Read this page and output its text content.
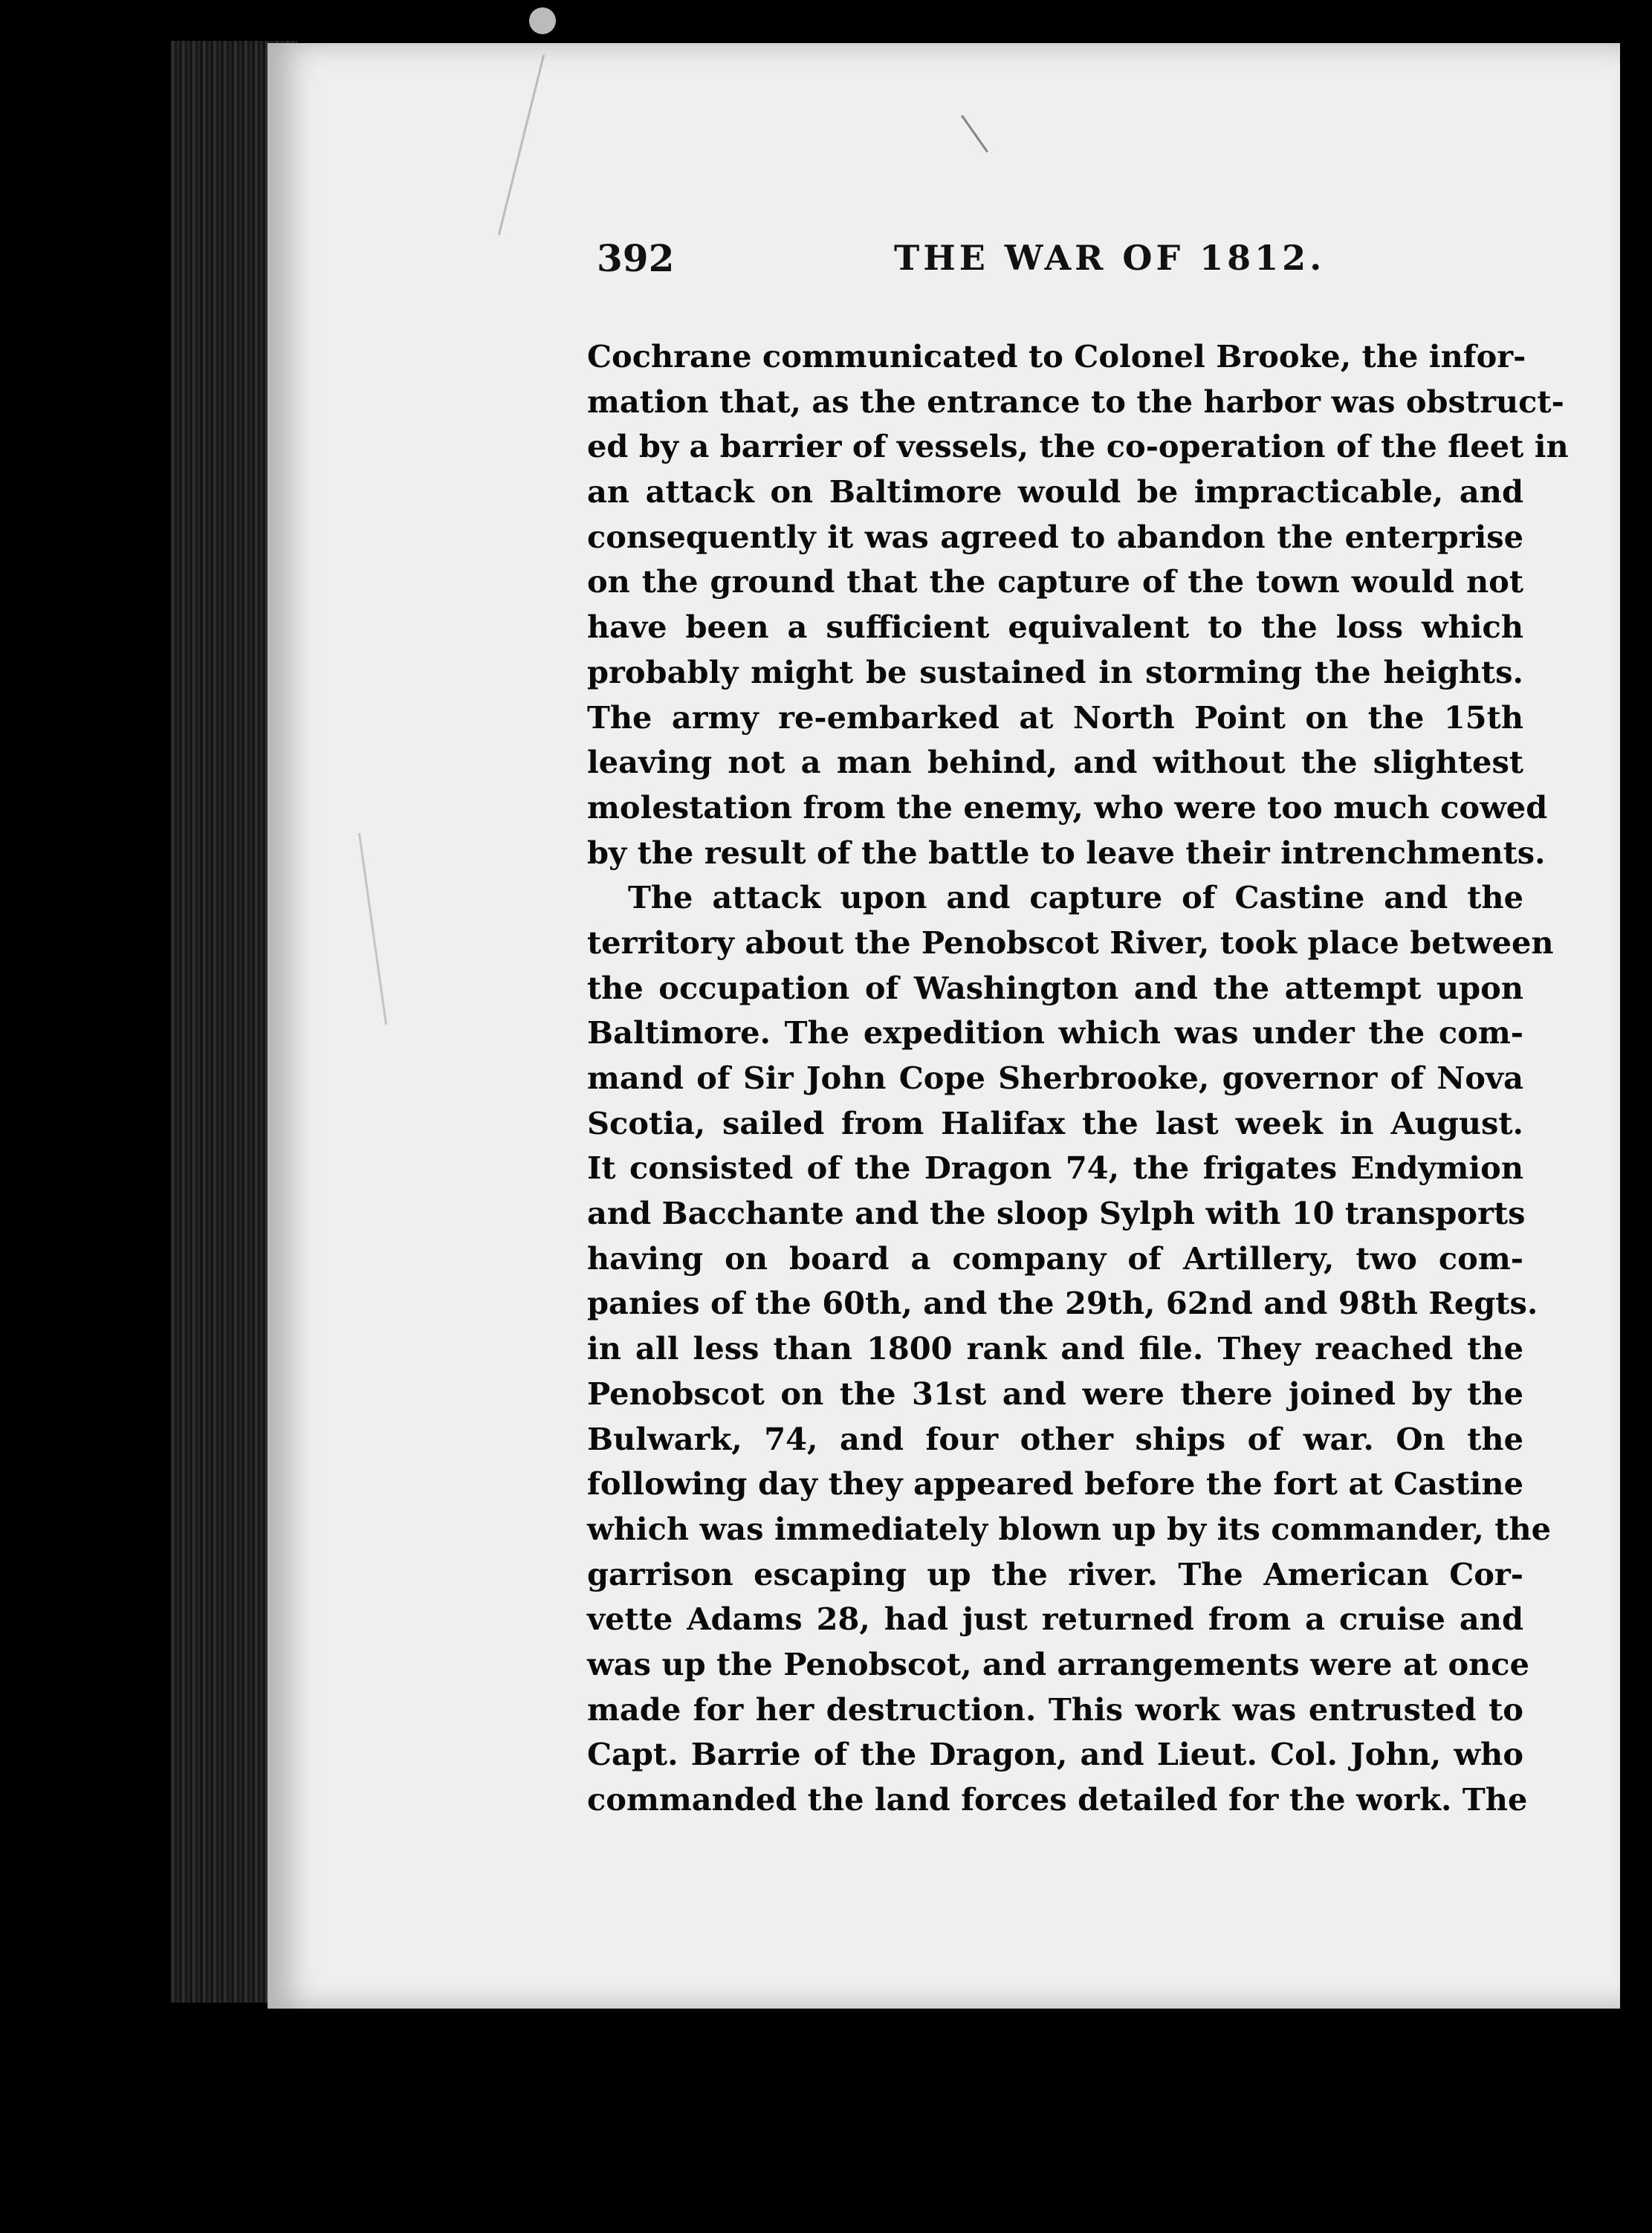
392	THE WAR OF 1812.
Cochrane communicated to Colonel Brooke, the infor-
mation that, as the entrance to the harbor was obstruct-
ed by a barrier of vessels, the co-operation of the fleet in
an attack on Baltimore would be impracticable, and
consequently it was agreed to abandon the enterprise
on the ground that the capture of the town would not
have been a sufficient equivalent to the loss which
probably might be sustained in storming the heights.
The army re-embarked at North Point on the 15th
leaving not a man behind, and without the slightest
molestation from the enemy, who were too much cowed
by the result of the battle to leave their intrenchments.
The attack upon and capture of Castine and the
territory about the Penobscot River, took place between
the occupation of Washington and the attempt upon
Baltimore. The expedition which was under the com-
mand of Sir John Cope Sherbrooke, governor of Nova
Scotia, sailed from Halifax the last week in August.
It consisted of the Dragon 74, the frigates Endymion
and Bacchante and the sloop Sylph with 10 transports
having on board a company of Artillery, two com-
panies of the 60th, and the 29th, 62nd and 98th Regts.
in all less than 1800 rank and file. They reached the
Penobscot on the 31st and were there joined by the
Bulwark, 74, and four other ships of war. On the
following day they appeared before the fort at Castine
which was immediately blown up by its commander, the
garrison escaping up the river. The American Cor-
vette Adams 28, had just returned from a cruise and
was up the Penobscot, and arrangements were at once
made for her destruction. This work was entrusted to
Capt. Barrie of the Dragon, and Lieut. Col. John, who
commanded the land forces detailed for the work. The
